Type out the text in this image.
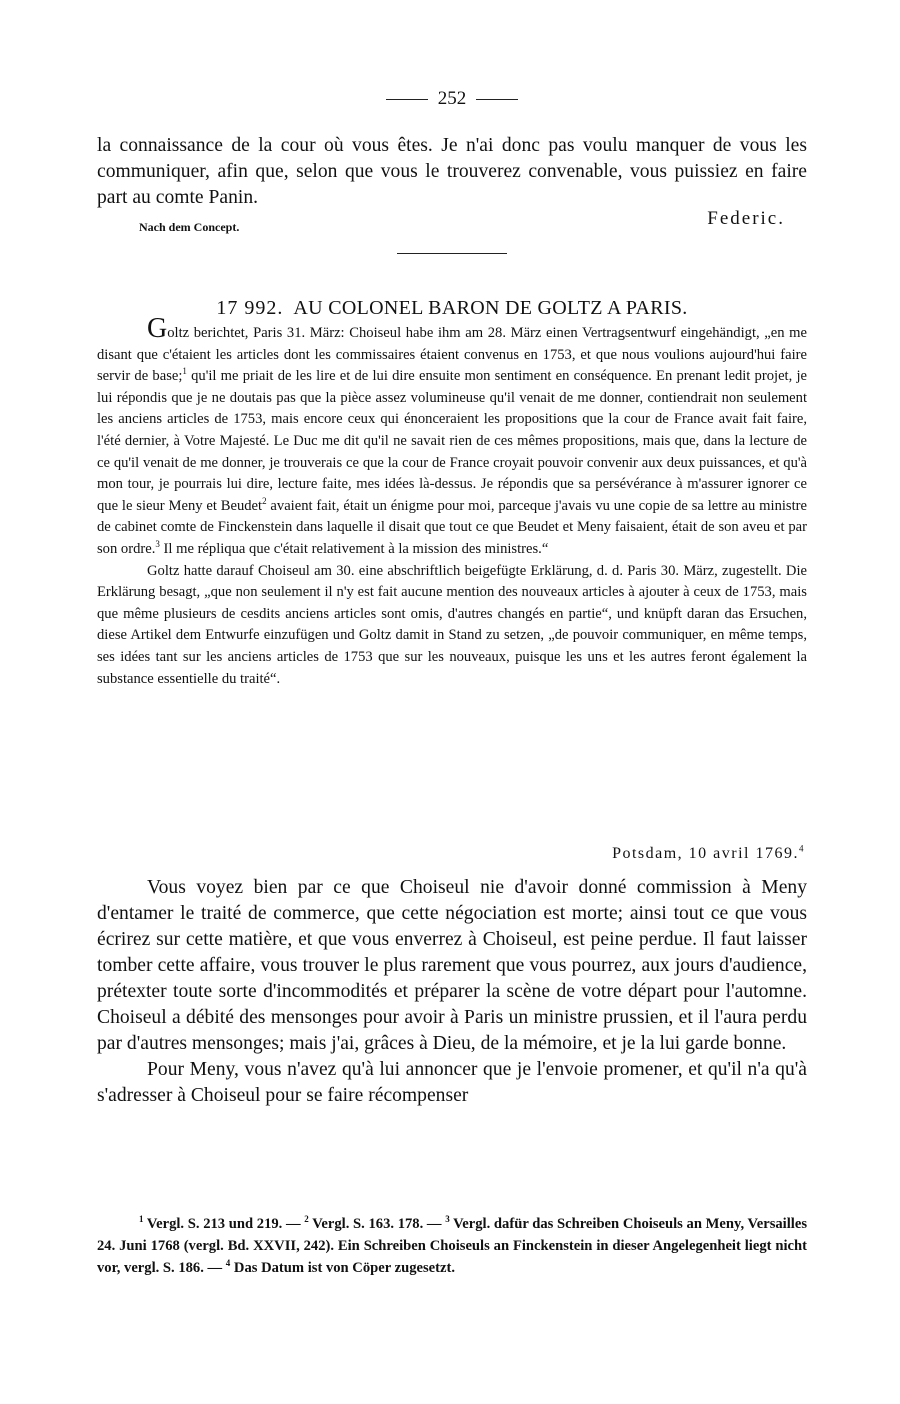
252

la connaissance de la cour où vous êtes. Je n'ai donc pas voulu manquer de vous les communiquer, afin que, selon que vous le trouverez convenable, vous puissiez en faire part au comte Panin.

Nach dem Concept.	Federic.
17 992. AU COLONEL BARON DE GOLTZ A PARIS.

Goltz berichtet, Paris 31. März: Choiseul habe ihm am 28. März einen Vertragsentwurf eingehändigt, „en me disant que c'étaient les articles dont les commissaires étaient convenus en 1753, et que nous voulions aujourd'hui faire servir de base;$^1$ qu'il me priait de les lire et de lui dire ensuite mon sentiment en conséquence. En prenant ledit projet, je lui répondis que je ne doutais pas que la pièce assez volumineuse qu'il venait de me donner, contiendrait non seulement les anciens articles de 1753, mais encore ceux qui énonceraient les propositions que la cour de France avait fait faire, l'été dernier, à Votre Majesté. Le Duc me dit qu'il ne savait rien de ces mêmes propositions, mais que, dans la lecture de ce qu'il venait de me donner, je trouverais ce que la cour de France croyait pouvoir convenir aux deux puissances, et qu'à mon tour, je pourrais lui dire, lecture faite, mes idées là-dessus. Je répondis que sa persévérance à m'assurer ignorer ce que le sieur Meny et Beudet$^2$ avaient fait, était un énigme pour moi, parceque j'avais vu une copie de sa lettre au ministre de cabinet comte de Finckenstein dans laquelle il disait que tout ce que Beudet et Meny faisaient, était de son aveu et par son ordre.$^3$ Il me répliqua que c'était relativement à la mission des ministres.“

Goltz hatte darauf Choiseul am 30. eine abschriftlich beigefügte Erklärung, d. d. Paris 30. März, zugestellt. Die Erklärung besagt, „que non seulement il n'y est fait aucune mention des nouveaux articles à ajouter à ceux de 1753, mais que même plusieurs de cesdits anciens articles sont omis, d'autres changés en partie“, und knüpft daran das Ersuchen, diese Artikel dem Entwurfe einzufügen und Goltz damit in Stand zu setzen, „de pouvoir communiquer, en même temps, ses idées tant sur les anciens articles de 1753 que sur les nouveaux, puisque les uns et les autres feront également la substance essentielle du traité“.

Potsdam, 10 avril 1769.$^4$

Vous voyez bien par ce que Choiseul nie d'avoir donné commission à Meny d'entamer le traité de commerce, que cette négociation est morte; ainsi tout ce que vous écrirez sur cette matière, et que vous enverrez à Choiseul, est peine perdue. Il faut laisser tomber cette affaire, vous trouver le plus rarement que vous pourrez, aux jours d'audience, prétexter toute sorte d'incommodités et préparer la scène de votre départ pour l'automne. Choiseul a débité des mensonges pour avoir à Paris un ministre prussien, et il l'aura perdu par d'autres mensonges; mais j'ai, grâces à Dieu, de la mémoire, et je la lui garde bonne.

Pour Meny, vous n'avez qu'à lui annoncer que je l'envoie promener, et qu'il n'a qu'à s'adresser à Choiseul pour se faire récompenser

$^1$ Vergl. S. 213 und 219. — $^2$ Vergl. S. 163. 178. — $^3$ Vergl. dafür das Schreiben Choiseuls an Meny, Versailles 24. Juni 1768 (vergl. Bd. XXVII, 242). Ein Schreiben Choiseuls an Finckenstein in dieser Angelegenheit liegt nicht vor, vergl. S. 186. — $^4$ Das Datum ist von Cöper zugesetzt.
